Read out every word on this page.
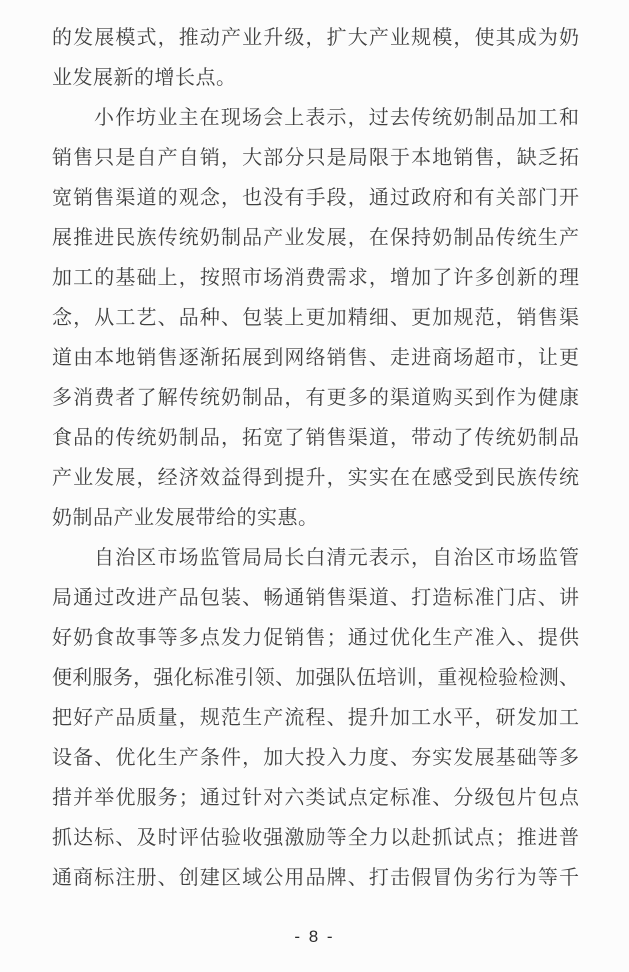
的发展模式，推动产业升级，扩大产业规模，使其成为奶
业发展新的增长点。
小作坊业主在现场会上表示，过去传统奶制品加工和
销售只是自产自销，大部分只是局限于本地销售，缺乏拓
宽销售渠道的观念，也没有手段，通过政府和有关部门开
展推进民族传统奶制品产业发展，在保持奶制品传统生产
加工的基础上，按照市场消费需求，增加了许多创新的理
念，从工艺、品种、包装上更加精细、更加规范，销售渠
道由本地销售逐渐拓展到网络销售、走进商场超市，让更
多消费者了解传统奶制品，有更多的渠道购买到作为健康
食品的传统奶制品，拓宽了销售渠道，带动了传统奶制品
产业发展，经济效益得到提升，实实在在感受到民族传统
奶制品产业发展带给的实惠。
自治区市场监管局局长白清元表示，自治区市场监管
局通过改进产品包装、畅通销售渠道、打造标准门店、讲
好奶食故事等多点发力促销售；通过优化生产准入、提供
便利服务，强化标准引领、加强队伍培训，重视检验检测、
把好产品质量，规范生产流程、提升加工水平，研发加工
设备、优化生产条件，加大投入力度、夯实发展基础等多
措并举优服务；通过针对六类试点定标准、分级包片包点
抓达标、及时评估验收强激励等全力以赴抓试点；推进普
通商标注册、创建区域公用品牌、打击假冒伪劣行为等千
- 8 -
